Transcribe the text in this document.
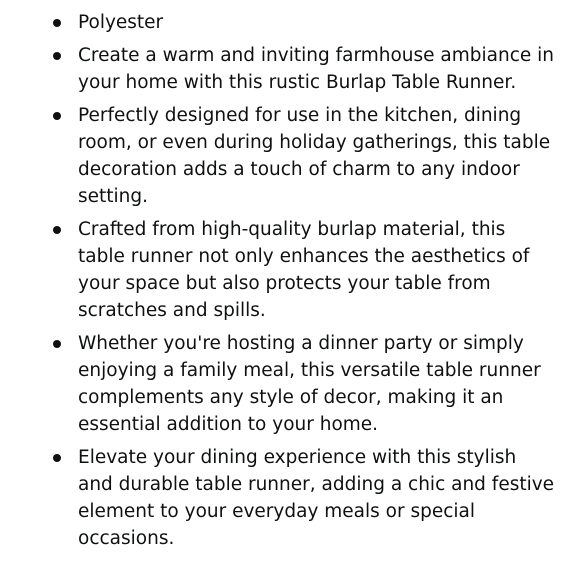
Polyester
Create a warm and inviting farmhouse ambiance in your home with this rustic Burlap Table Runner.
Perfectly designed for use in the kitchen, dining room, or even during holiday gatherings, this table decoration adds a touch of charm to any indoor setting.
Crafted from high-quality burlap material, this table runner not only enhances the aesthetics of your space but also protects your table from scratches and spills.
Whether you're hosting a dinner party or simply enjoying a family meal, this versatile table runner complements any style of decor, making it an essential addition to your home.
Elevate your dining experience with this stylish and durable table runner, adding a chic and festive element to your everyday meals or special occasions.
